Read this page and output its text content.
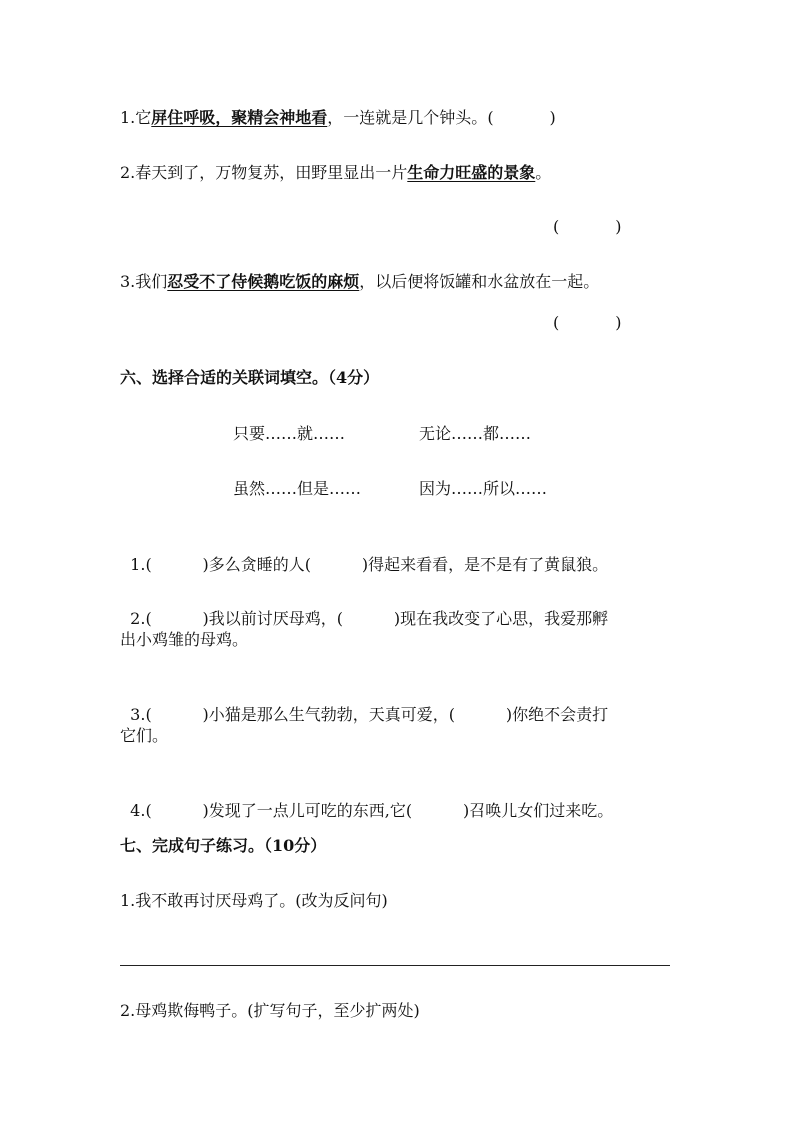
1.它屏住呼吸，聚精会神地看，一连就是几个钟头。(           )
2.春天到了，万物复苏，田野里显出一片生命力旺盛的景象。
(           )
3.我们忍受不了侍候鹅吃饭的麻烦，以后便将饭罐和水盆放在一起。
(           )
六、选择合适的关联词填空。（4分）
只要……就……	无论……都……
虽然……但是……	因为……所以……

1.(          )多么贪睡的人(          )得起来看看，是不是有了黄鼠狼。

2.(          )我以前讨厌母鸡，(          )现在我改变了心思，我爱那孵

出小鸡雏的母鸡。

3.(          )小猫是那么生气勃勃，天真可爱，(          )你绝不会责打

它们。

4.(          )发现了一点儿可吃的东西,它(          )召唤儿女们过来吃。

七、完成句子练习。（10分）
1.我不敢再讨厌母鸡了。(改为反问句)
2.母鸡欺侮鸭子。(扩写句子，至少扩两处)
